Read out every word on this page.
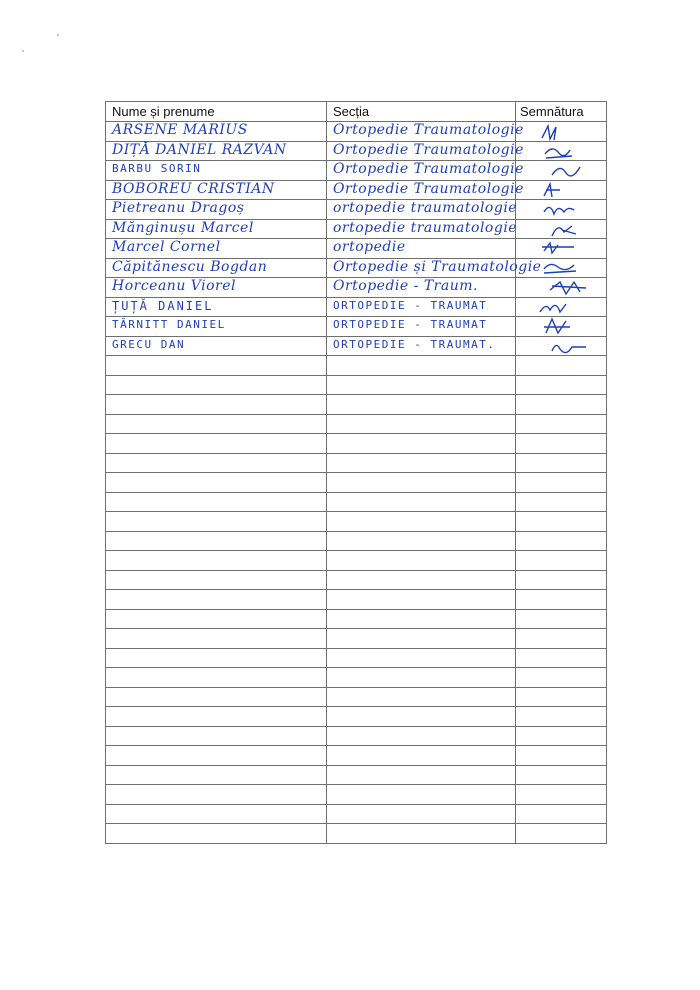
Nume și prenume	Secția	Semnătura

ARSENE MARIUS	Ortopedie Traumatologie

DIȚĂ DANIEL RAZVAN	Ortopedie Traumatologie

BARBU SORIN	Ortopedie Traumatologie

BOBOREU CRISTIAN	Ortopedie Traumatologie

Pietreanu Dragoș	ortopedie traumatologie

Mănginușu Marcel	ortopedie traumatologie

Marcel Cornel	ortopedie

Căpitănescu Bogdan	Ortopedie și Traumatologie

Horceanu Viorel	Ortopedie - Traum.

ȚUȚĂ DANIEL	ORTOPEDIE - TRAUMAT

TĂRNITT DANIEL	ORTOPEDIE - TRAUMAT

GRECU DAN	ORTOPEDIE - TRAUMAT.
